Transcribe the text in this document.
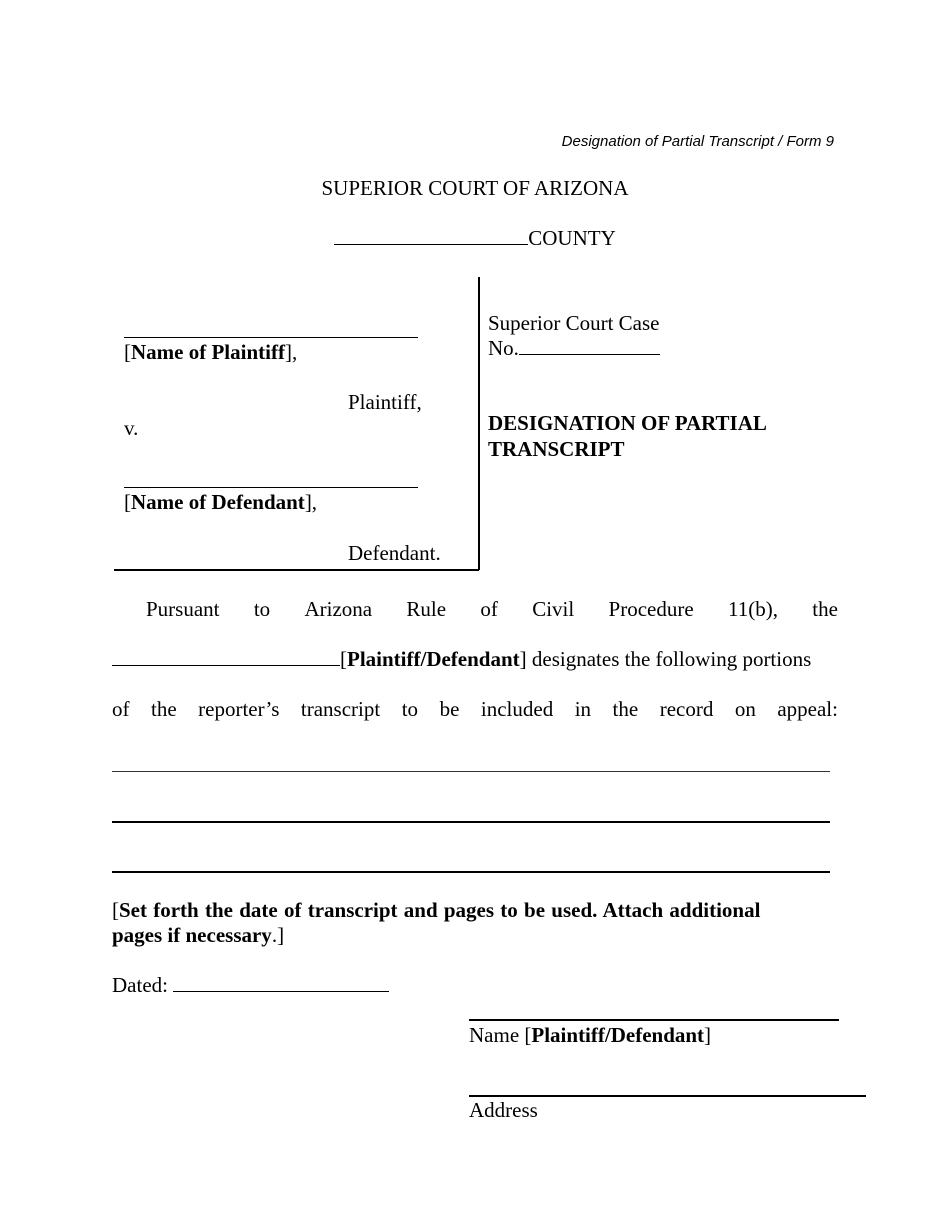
Designation of Partial Transcript / Form 9
SUPERIOR COURT OF ARIZONA
COUNTY
[Name of Plaintiff],
Plaintiff,
v.
[Name of Defendant],
Defendant.
Superior Court Case
No.
DESIGNATION OF PARTIAL
TRANSCRIPT
Pursuant to Arizona Rule of Civil Procedure 11(b), the
[Plaintiff/Defendant] designates the following portions
of the reporter’s transcript to be included in the record on appeal:
[Set forth the date of transcript and pages to be used. Attach additional
pages if necessary.]
Dated:
Name [Plaintiff/Defendant]
Address
